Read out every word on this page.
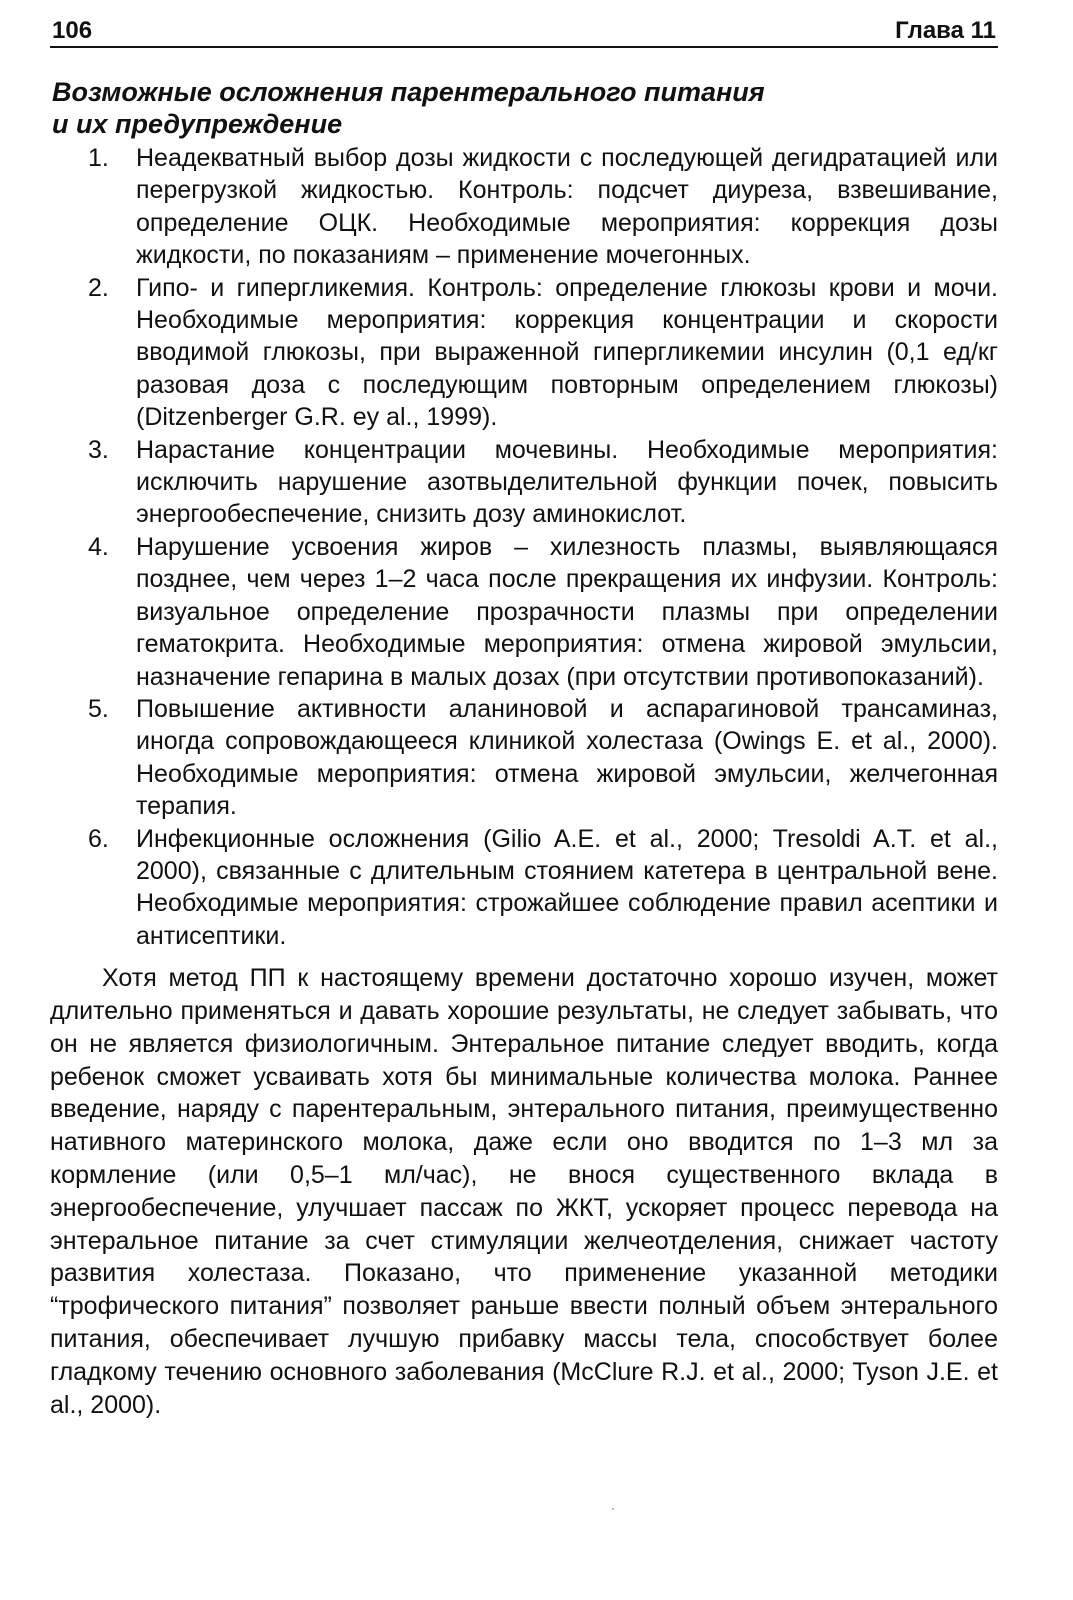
106	Глава 11
Возможные осложнения парентерального питания
и их предупреждение
1. Неадекватный выбор дозы жидкости с последующей дегидратацией или перегрузкой жидкостью. Контроль: подсчет диуреза, взвешивание, определение ОЦК. Необходимые мероприятия: коррекция дозы жидкости, по показаниям – применение мочегонных.
2. Гипо- и гипергликемия. Контроль: определение глюкозы крови и мочи. Необходимые мероприятия: коррекция концентрации и скорости вводимой глюкозы, при выраженной гипергликемии инсулин (0,1 ед/кг разовая доза с последующим повторным определением глюкозы) (Ditzenberger G.R. ey al., 1999).
3. Нарастание концентрации мочевины. Необходимые мероприятия: исключить нарушение азотвыделительной функции почек, повысить энергообеспечение, снизить дозу аминокислот.
4. Нарушение усвоения жиров – хилезность плазмы, выявляющаяся позднее, чем через 1–2 часа после прекращения их инфузии. Контроль: визуальное определение прозрачности плазмы при определении гематокрита. Необходимые мероприятия: отмена жировой эмульсии, назначение гепарина в малых дозах (при отсутствии противопоказаний).
5. Повышение активности аланиновой и аспарагиновой трансаминаз, иногда сопровождающееся клиникой холестаза (Owings E. et al., 2000). Необходимые мероприятия: отмена жировой эмульсии, желчегонная терапия.
6. Инфекционные осложнения (Gilio A.E. et al., 2000; Tresoldi A.T. et al., 2000), связанные с длительным стоянием катетера в центральной вене. Необходимые мероприятия: строжайшее соблюдение правил асептики и антисептики.

Хотя метод ПП к настоящему времени достаточно хорошо изучен, может длительно применяться и давать хорошие результаты, не следует забывать, что он не является физиологичным. Энтеральное питание следует вводить, когда ребенок сможет усваивать хотя бы минимальные количества молока. Раннее введение, наряду с парентеральным, энтерального питания, преимущественно нативного материнского молока, даже если оно вводится по 1–3 мл за кормление (или 0,5–1 мл/час), не внося существенного вклада в энергообеспечение, улучшает пассаж по ЖКТ, ускоряет процесс перевода на энтеральное питание за счет стимуляции желчеотделения, снижает частоту развития холестаза. Показано, что применение указанной методики “трофического питания” позволяет раньше ввести полный объем энтерального питания, обеспечивает лучшую прибавку массы тела, способствует более гладкому течению основного заболевания (McClure R.J. et al., 2000; Tyson J.E. et al., 2000).
